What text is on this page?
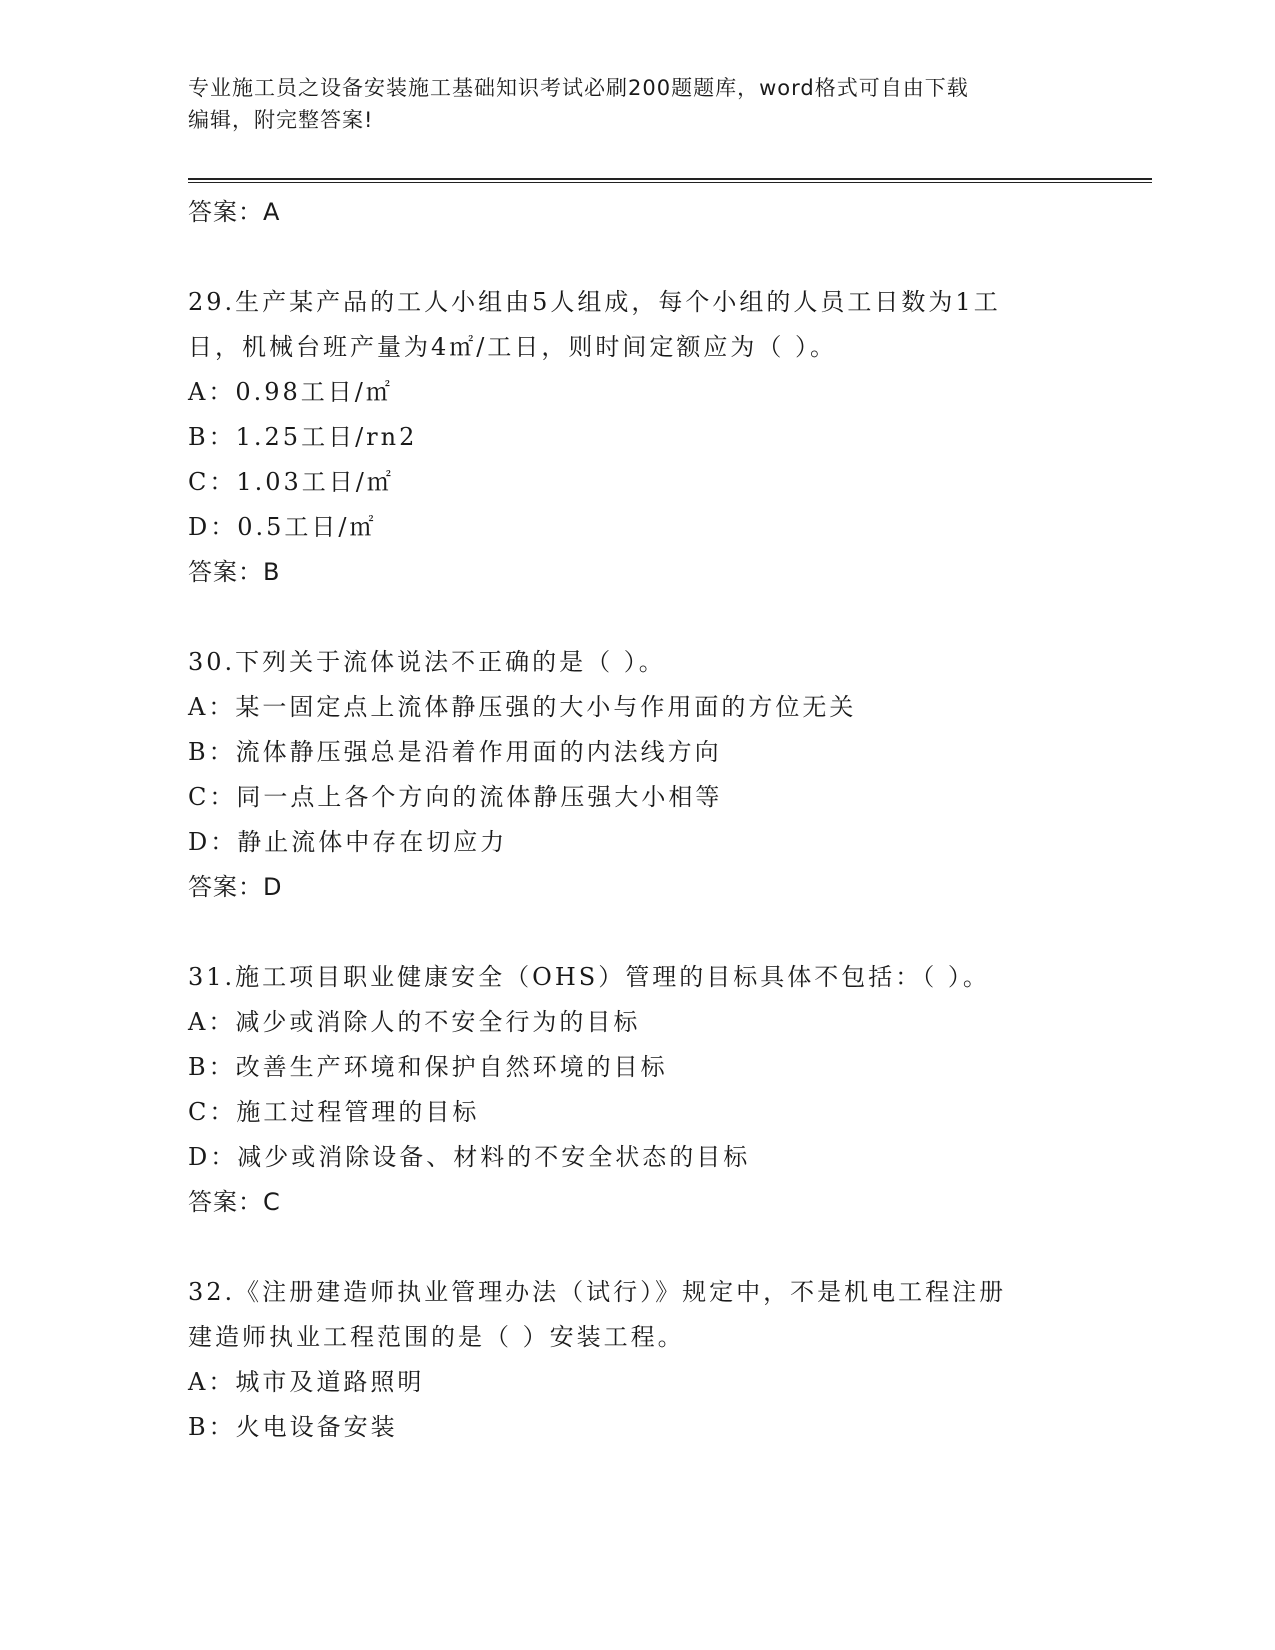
专业施工员之设备安装施工基础知识考试必刷200题题库，word格式可自由下载
编辑，附完整答案!
答案：A
29.生产某产品的工人小组由5人组成，每个小组的人员工日数为1工
日，机械台班产量为4㎡/工日，则时间定额应为（ ）。
A：0.98工日/㎡
B：1.25工日/rn2
C：1.03工日/㎡
D：0.5工日/㎡
答案：B
30.下列关于流体说法不正确的是（ ）。
A：某一固定点上流体静压强的大小与作用面的方位无关
B：流体静压强总是沿着作用面的内法线方向
C：同一点上各个方向的流体静压强大小相等
D：静止流体中存在切应力
答案：D
31.施工项目职业健康安全（OHS）管理的目标具体不包括：（ ）。
A：减少或消除人的不安全行为的目标
B：改善生产环境和保护自然环境的目标
C：施工过程管理的目标
D：减少或消除设备、材料的不安全状态的目标
答案：C
32.《注册建造师执业管理办法（试行）》规定中，不是机电工程注册
建造师执业工程范围的是（ ）安装工程。
A：城市及道路照明
B：火电设备安装
